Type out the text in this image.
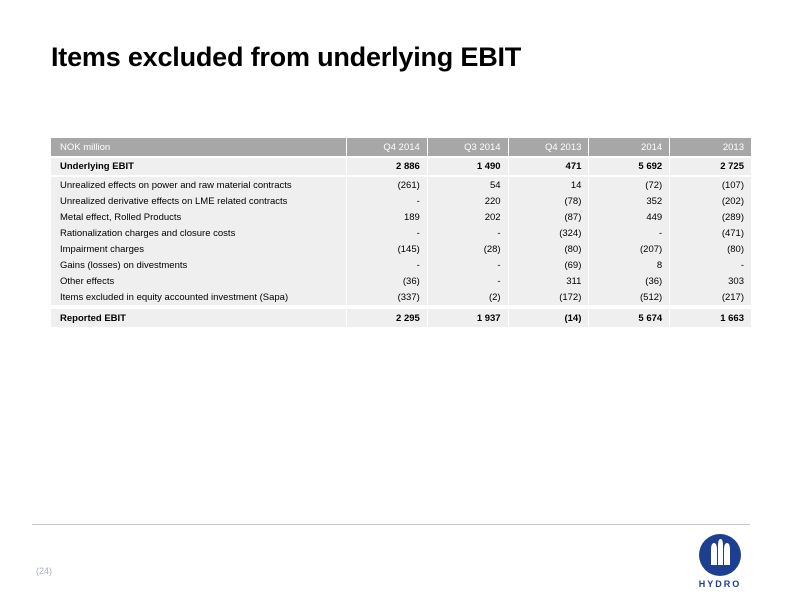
Items excluded from underlying EBIT
NOK million	Q4 2014	Q3 2014	Q4 2013	2014	2013
Underlying EBIT	2 886	1 490	471	5 692	2 725

Unrealized effects on power and raw material contracts	(261)	54	14	(72)	(107)
Unrealized derivative effects on LME related contracts	-	220	(78)	352	(202)
Metal effect, Rolled Products	189	202	(87)	449	(289)
Rationalization charges and closure costs	-	-	(324)	-	(471)
Impairment charges	(145)	(28)	(80)	(207)	(80)
Gains (losses) on divestments	-	-	(69)	8	-
Other effects	(36)	-	311	(36)	303
Items excluded in equity accounted investment (Sapa)	(337)	(2)	(172)	(512)	(217)

Reported EBIT	2 295	1 937	(14)	5 674	1 663
(24)
HYDRO
